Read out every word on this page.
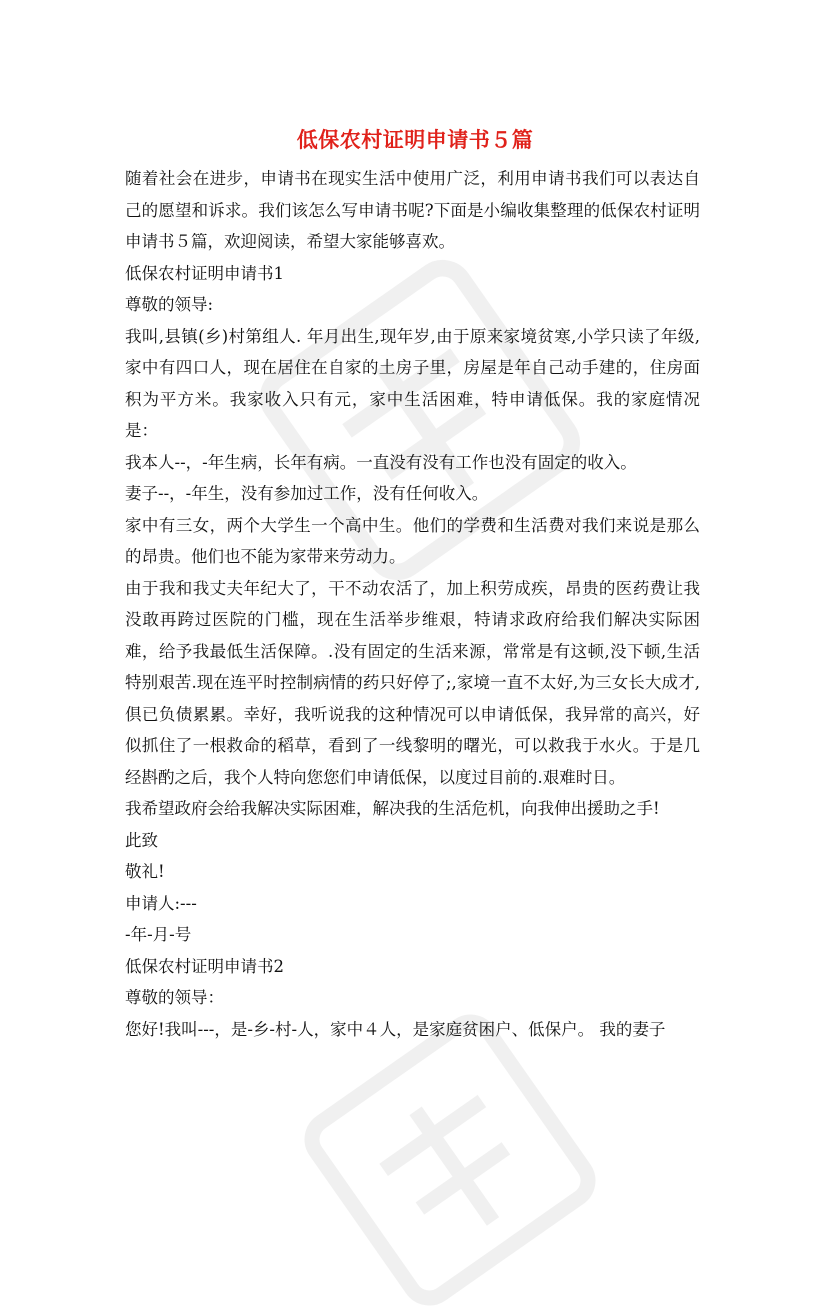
低保农村证明申请书５篇

随着社会在进步，申请书在现实生活中使用广泛，利用申请书我们可以表达自己的愿望和诉求。我们该怎么写申请书呢?下面是小编收集整理的低保农村证明申请书５篇，欢迎阅读，希望大家能够喜欢。

低保农村证明申请书1

尊敬的领导:

我叫,县镇(乡)村第组人. 年月出生,现年岁,由于原来家境贫寒,小学只读了年级,家中有四口人，现在居住在自家的土房子里，房屋是年自己动手建的，住房面积为平方米。我家收入只有元，家中生活困难，特申请低保。我的家庭情况是：

我本人--，-年生病，长年有病。一直没有没有工作也没有固定的收入。

妻子--，-年生，没有参加过工作，没有任何收入。

家中有三女，两个大学生一个高中生。他们的学费和生活费对我们来说是那么的昂贵。他们也不能为家带来劳动力。

由于我和我丈夫年纪大了，干不动农活了，加上积劳成疾，昂贵的医药费让我没敢再跨过医院的门槛，现在生活举步维艰，特请求政府给我们解决实际困难，给予我最低生活保障。.没有固定的生活来源，常常是有这顿,没下顿,生活特别艰苦.现在连平时控制病情的药只好停了;,家境一直不太好,为三女长大成才,倶已负债累累。幸好，我听说我的这种情况可以申请低保，我异常的高兴，好似抓住了一根救命的稻草，看到了一线黎明的曙光，可以救我于水火。于是几经斟酌之后，我个人特向您您们申请低保，以度过目前的.艰难时日。

我希望政府会给我解决实际困难，解决我的生活危机，向我伸出援助之手!

此致

敬礼!

申请人:---

-年-月-号

低保农村证明申请书2

尊敬的领导：

您好!我叫---，是-乡-村-人，家中４人，是家庭贫困户、低保户。 我的妻子
